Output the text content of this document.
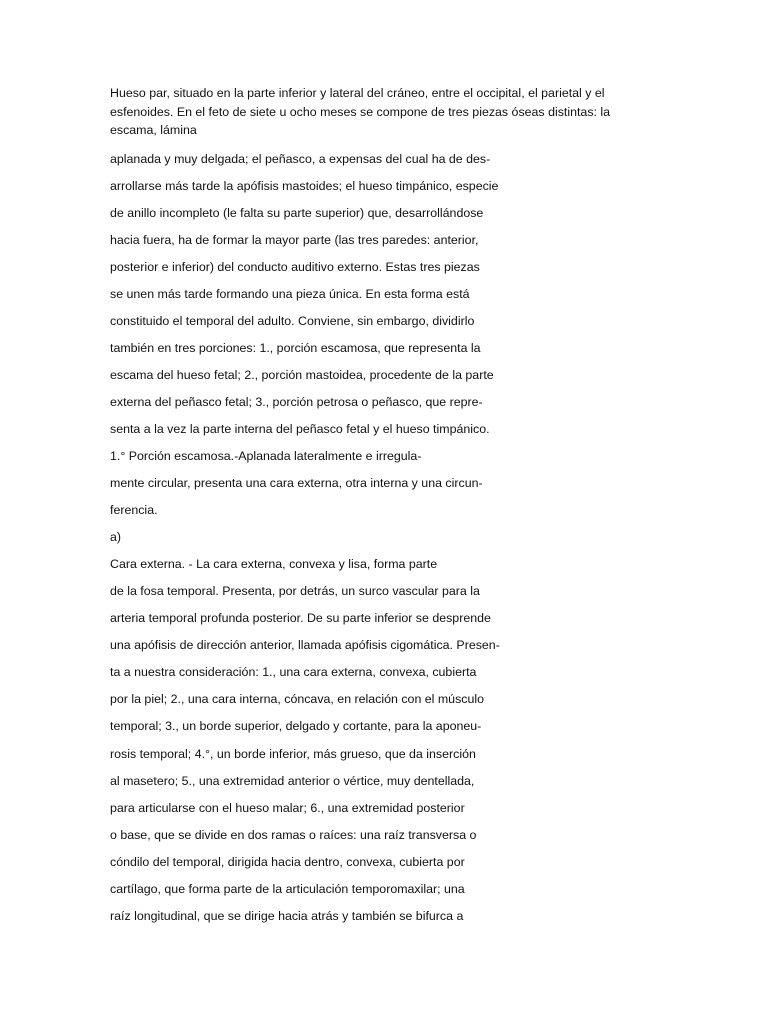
Hueso par, situado en la parte inferior y lateral del cráneo, entre el occipital, el parietal y el esfenoides. En el feto de siete u ocho meses se compone de tres piezas óseas distintas: la escama, lámina

aplanada y muy delgada; el peñasco, a expensas del cual ha de des-
arrollarse más tarde la apófisis mastoides; el hueso timpánico, especie
de anillo incompleto (le falta su parte superior) que, desarrollándose
hacia fuera, ha de formar la mayor parte (las tres paredes: anterior,
posterior e inferior) del conducto auditivo externo. Estas tres piezas
se unen más tarde formando una pieza única. En esta forma está
constituido el temporal del adulto. Conviene, sin embargo, dividirlo
también en tres porciones: 1., porción escamosa, que representa la
escama del hueso fetal; 2., porción mastoidea, procedente de la parte
externa del peñasco fetal; 3., porción petrosa o peñasco, que repre-
senta a la vez la parte interna del peñasco fetal y el hueso timpánico.
1.° Porción escamosa.-Aplanada lateralmente e irregula-
mente circular, presenta una cara externa, otra interna y una circun-
ferencia.
a)
Cara externa. - La cara externa, convexa y lisa, forma parte
de la fosa temporal. Presenta, por detrás, un surco vascular para la
arteria temporal profunda posterior. De su parte inferior se desprende
una apófisis de dirección anterior, llamada apófisis cigomática. Presen-
ta a nuestra consideración: 1., una cara externa, convexa, cubierta
por la piel; 2., una cara interna, cóncava, en relación con el músculo
temporal; 3., un borde superior, delgado y cortante, para la aponeu-
rosis temporal; 4.°, un borde inferior, más grueso, que da inserción
al masetero; 5., una extremidad anterior o vértice, muy dentellada,
para articularse con el hueso malar; 6., una extremidad posterior
o base, que se divide en dos ramas o raíces: una raíz transversa o
cóndilo del temporal, dirigida hacia dentro, convexa, cubierta por
cartílago, que forma parte de la articulación temporomaxilar; una
raíz longitudinal, que se dirige hacia atrás y también se bifurca a
